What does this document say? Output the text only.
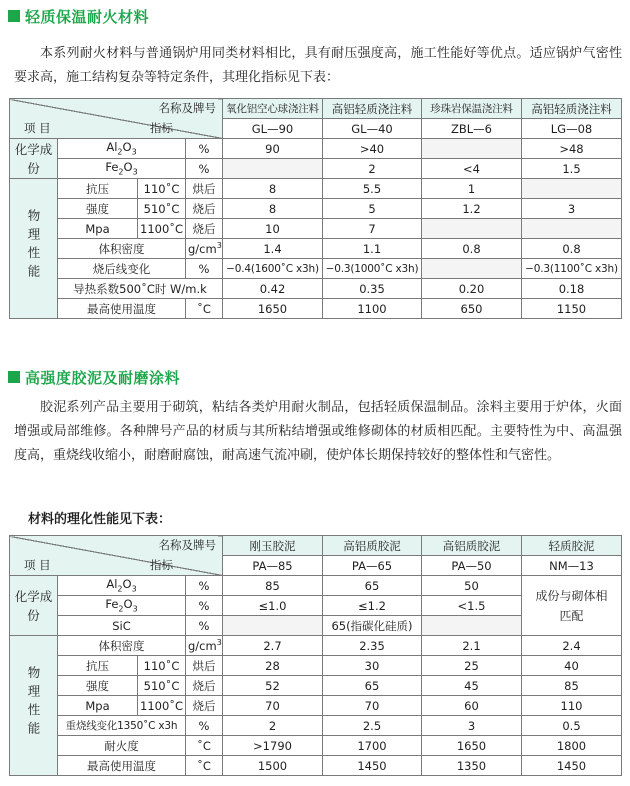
轻质保温耐火材料
本系列耐火材料与普通锅炉用同类材料相比，具有耐压强度高，施工性能好等优点。适应锅炉气密性要求高，施工结构复杂等特定条件，其理化指标见下表：
名称及牌号
指标
项 目				氧化铝空心球浇注料	高铝轻质浇注料	珍珠岩保温浇注料	高铝轻质浇注料
				GL—90	GL—40	ZBL—6	LG—08
化学成份	$Al_2O_3$		%	90	>40		>48
	$Fe_2O_3$		%		2	<4	1.5
物理性能	抗压	110˚C	烘后	8	5.5	1	
	强度	510˚C	烧后	8	5	1.2	3
	Mpa	1100˚C	烧后	10	7		
	体积密度		$g/cm^3$	1.4	1.1	0.8	0.8
	烧后线变化		%	−0.4(1600˚C x3h)	−0.3(1000˚C x3h)		−0.3(1100˚C x3h)
	导热系数500˚C时 W/m.k			0.42	0.35	0.20	0.18
	最高使用温度		˚C	1650	1100	650	1150
高强度胶泥及耐磨涂料
胶泥系列产品主要用于砌筑，粘结各类炉用耐火制品，包括轻质保温制品。涂料主要用于炉体，火面增强或局部维修。各种牌号产品的材质与其所粘结增强或维修砌体的材质相匹配。主要特性为中、高温强度高，重烧线收缩小，耐磨耐腐蚀，耐高速气流冲刷，使炉体长期保持较好的整体性和气密性。
材料的理化性能见下表：
名称及牌号
指标
项 目				刚玉胶泥	高铝质胶泥	高铝质胶泥	轻质胶泥
				PA—85	PA—65	PA—50	NM—13
化学成份	$Al_2O_3$		%	85	65	50	成份与砌体相匹配
	$Fe_2O_3$		%	≤1.0	≤1.2	<1.5	
	SiC		%		65(指碳化硅质)		
物理性能	体积密度		$g/cm^3$	2.7	2.35	2.1	2.4
	抗压	110˚C	烘后	28	30	25	40
	强度	510˚C	烧后	52	65	45	85
	Mpa	1100˚C	烧后	70	70	60	110
	重烧线变化1350˚C x3h		%	2	2.5	3	0.5
	耐火度		˚C	>1790	1700	1650	1800
	最高使用温度		˚C	1500	1450	1350	1450
